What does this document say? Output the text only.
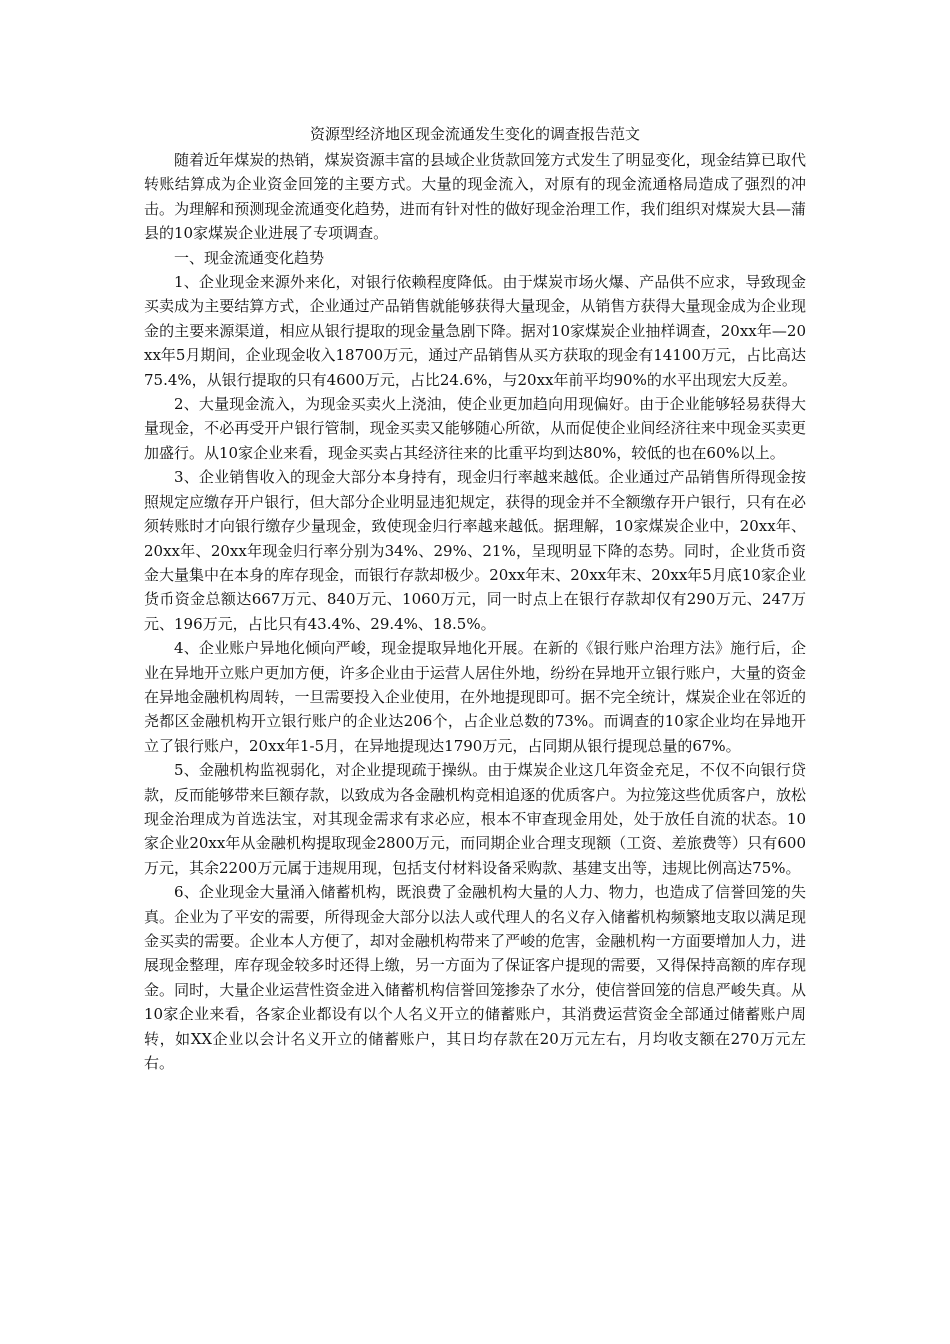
资源型经济地区现金流通发生变化的调查报告范文

随着近年煤炭的热销，煤炭资源丰富的县域企业货款回笼方式发生了明显变化，现金结算已取代转账结算成为企业资金回笼的主要方式。大量的现金流入，对原有的现金流通格局造成了强烈的冲击。为理解和预测现金流通变化趋势，进而有针对性的做好现金治理工作，我们组织对煤炭大县—蒲县的10家煤炭企业进展了专项调查。

一、现金流通变化趋势

1、企业现金来源外来化，对银行依赖程度降低。由于煤炭市场火爆、产品供不应求，导致现金买卖成为主要结算方式，企业通过产品销售就能够获得大量现金，从销售方获得大量现金成为企业现金的主要来源渠道，相应从银行提取的现金量急剧下降。据对10家煤炭企业抽样调查，20xx年—20xx年5月期间，企业现金收入18700万元，通过产品销售从买方获取的现金有14100万元，占比高达75.4%，从银行提取的只有4600万元，占比24.6%，与20xx年前平均90%的水平出现宏大反差。

2、大量现金流入，为现金买卖火上浇油，使企业更加趋向用现偏好。由于企业能够轻易获得大量现金，不必再受开户银行管制，现金买卖又能够随心所欲，从而促使企业间经济往来中现金买卖更加盛行。从10家企业来看，现金买卖占其经济往来的比重平均到达80%，较低的也在60%以上。

3、企业销售收入的现金大部分本身持有，现金归行率越来越低。企业通过产品销售所得现金按照规定应缴存开户银行，但大部分企业明显违犯规定，获得的现金并不全额缴存开户银行，只有在必须转账时才向银行缴存少量现金，致使现金归行率越来越低。据理解，10家煤炭企业中，20xx年、20xx年、20xx年现金归行率分别为34%、29%、21%，呈现明显下降的态势。同时，企业货币资金大量集中在本身的库存现金，而银行存款却极少。20xx年末、20xx年末、20xx年5月底10家企业货币资金总额达667万元、840万元、1060万元，同一时点上在银行存款却仅有290万元、247万元、196万元，占比只有43.4%、29.4%、18.5%。

4、企业账户异地化倾向严峻，现金提取异地化开展。在新的《银行账户治理方法》施行后，企业在异地开立账户更加方便，许多企业由于运营人居住外地，纷纷在异地开立银行账户，大量的资金在异地金融机构周转，一旦需要投入企业使用，在外地提现即可。据不完全统计，煤炭企业在邻近的尧都区金融机构开立银行账户的企业达206个，占企业总数的73%。而调查的10家企业均在异地开立了银行账户，20xx年1-5月，在异地提现达1790万元，占同期从银行提现总量的67%。

5、金融机构监视弱化，对企业提现疏于操纵。由于煤炭企业这几年资金充足，不仅不向银行贷款，反而能够带来巨额存款，以致成为各金融机构竞相追逐的优质客户。为拉笼这些优质客户，放松现金治理成为首选法宝，对其现金需求有求必应，根本不审查现金用处，处于放任自流的状态。10家企业20xx年从金融机构提取现金2800万元，而同期企业合理支现额（工资、差旅费等）只有600万元，其余2200万元属于违规用现，包括支付材料设备采购款、基建支出等，违规比例高达75%。

6、企业现金大量涌入储蓄机构，既浪费了金融机构大量的人力、物力，也造成了信誉回笼的失真。企业为了平安的需要，所得现金大部分以法人或代理人的名义存入储蓄机构频繁地支取以满足现金买卖的需要。企业本人方便了，却对金融机构带来了严峻的危害，金融机构一方面要增加人力，进展现金整理，库存现金较多时还得上缴，另一方面为了保证客户提现的需要，又得保持高额的库存现金。同时，大量企业运营性资金进入储蓄机构信誉回笼掺杂了水分，使信誉回笼的信息严峻失真。从10家企业来看，各家企业都设有以个人名义开立的储蓄账户，其消费运营资金全部通过储蓄账户周转，如XX企业以会计名义开立的储蓄账户，其日均存款在20万元左右，月均收支额在270万元左右。
